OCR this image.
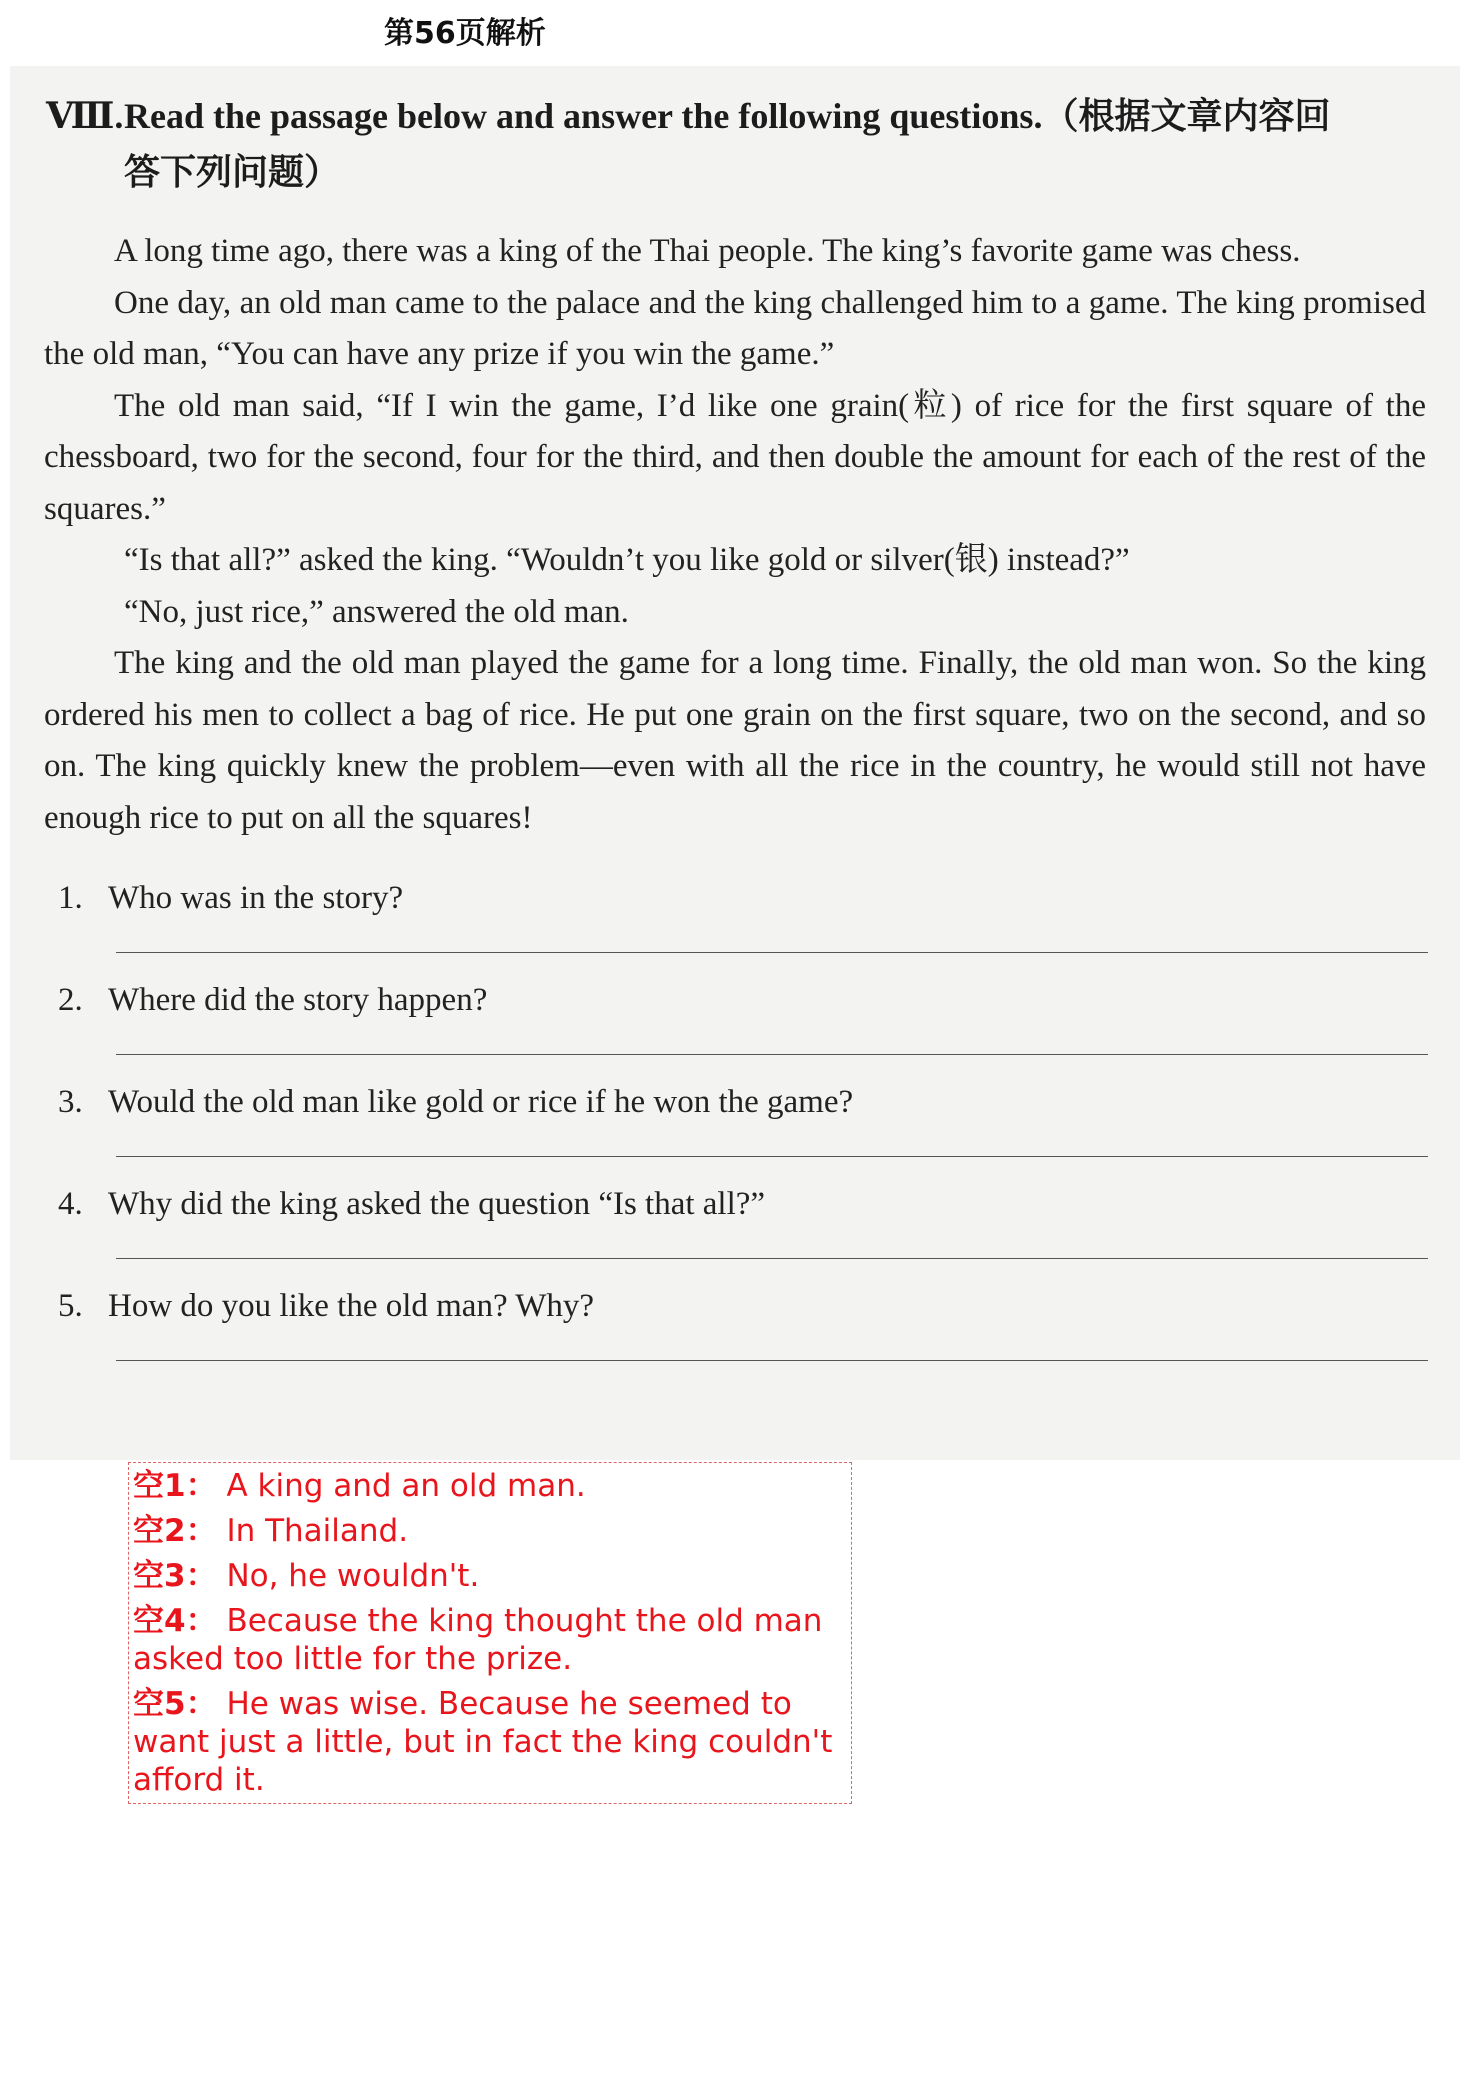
第56页解析
Ⅷ.Read the passage below and answer the following questions.（根据文章内容回
答下列问题）

A long time ago, there was a king of the Thai people. The king’s favorite game was chess.

One day, an old man came to the palace and the king challenged him to a game. The king promised the old man, “You can have any prize if you win the game.”

The old man said, “If I win the game, I’d like one grain(粒) of rice for the first square of the chessboard, two for the second, four for the third, and then double the amount for each of the rest of the squares.”

“Is that all?” asked the king. “Wouldn’t you like gold or silver(银) instead?”

“No, just rice,” answered the old man.

The king and the old man played the game for a long time. Finally, the old man won. So the king ordered his men to collect a bag of rice. He put one grain on the first square, two on the second, and so on. The king quickly knew the problem—even with all the rice in the country, he would still not have enough rice to put on all the squares!

1. Who was in the story?
2. Where did the story happen?
3. Would the old man like gold or rice if he won the game?
4. Why did the king asked the question “Is that all?”
5. How do you like the old man? Why?
空1： A king and an old man.
空2： In Thailand.
空3： No, he wouldn't.
空4： Because the king thought the old man asked too little for the prize.
空5： He was wise. Because he seemed to want just a little, but in fact the king couldn't afford it.
